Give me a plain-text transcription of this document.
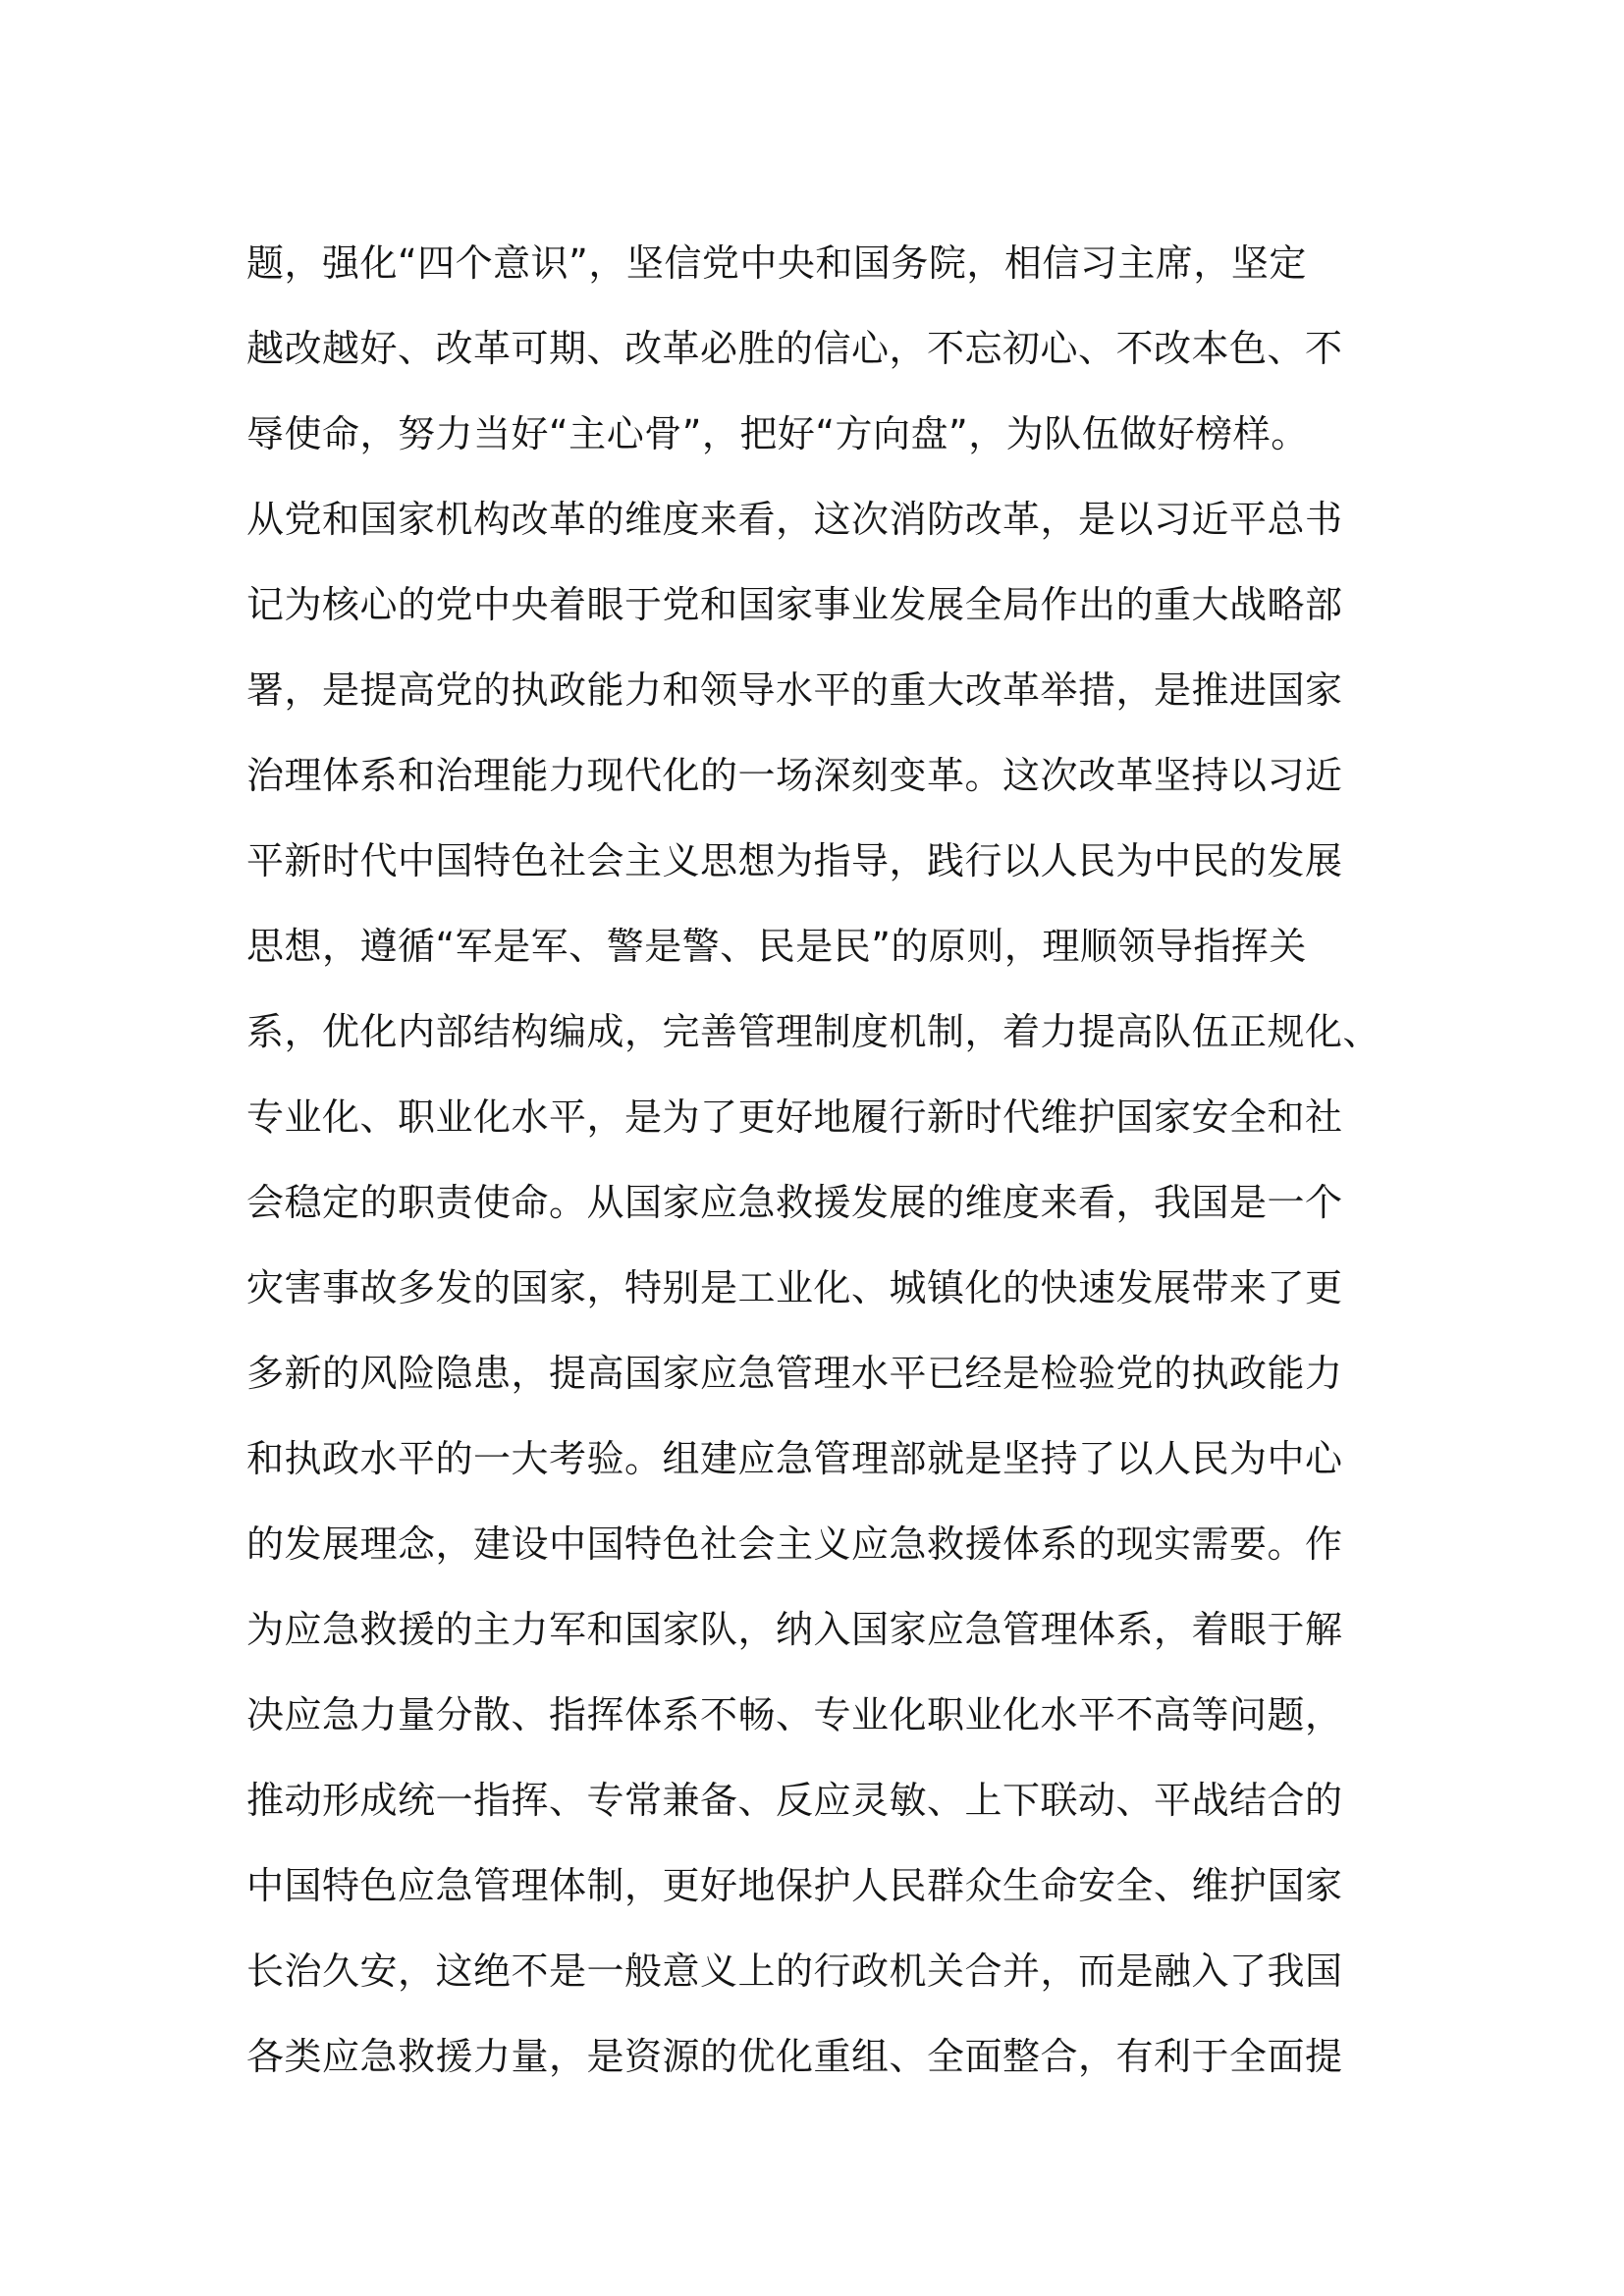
题，强化“四个意识”，坚信党中央和国务院，相信习主席，坚定
越改越好、改革可期、改革必胜的信心，不忘初心、不改本色、不
辱使命，努力当好“主心骨”，把好“方向盘”，为队伍做好榜样。
从党和国家机构改革的维度来看，这次消防改革，是以习近平总书
记为核心的党中央着眼于党和国家事业发展全局作出的重大战略部
署，是提高党的执政能力和领导水平的重大改革举措，是推进国家
治理体系和治理能力现代化的一场深刻变革。这次改革坚持以习近
平新时代中国特色社会主义思想为指导，践行以人民为中民的发展
思想，遵循“军是军、警是警、民是民”的原则，理顺领导指挥关
系，优化内部结构编成，完善管理制度机制，着力提高队伍正规化、
专业化、职业化水平，是为了更好地履行新时代维护国家安全和社
会稳定的职责使命。从国家应急救援发展的维度来看，我国是一个
灾害事故多发的国家，特别是工业化、城镇化的快速发展带来了更
多新的风险隐患，提高国家应急管理水平已经是检验党的执政能力
和执政水平的一大考验。组建应急管理部就是坚持了以人民为中心
的发展理念，建设中国特色社会主义应急救援体系的现实需要。作
为应急救援的主力军和国家队，纳入国家应急管理体系，着眼于解
决应急力量分散、指挥体系不畅、专业化职业化水平不高等问题，
推动形成统一指挥、专常兼备、反应灵敏、上下联动、平战结合的
中国特色应急管理体制，更好地保护人民群众生命安全、维护国家
长治久安，这绝不是一般意义上的行政机关合并，而是融入了我国
各类应急救援力量，是资源的优化重组、全面整合，有利于全面提
